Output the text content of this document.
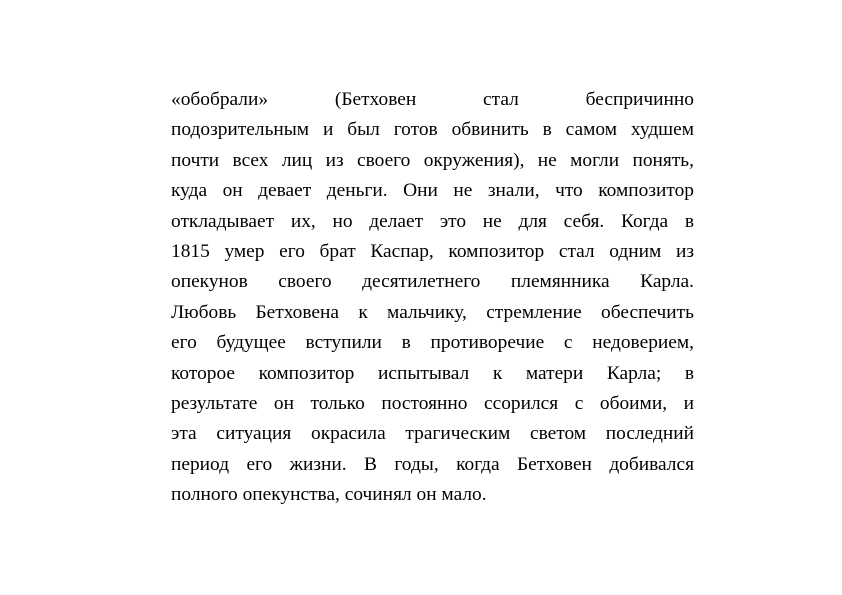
«обобрали» (Бетховен стал беспричинно
подозрительным и был готов обвинить в самом худшем
почти всех лиц из своего окружения), не могли понять,
куда он девает деньги. Они не знали, что композитор
откладывает их, но делает это не для себя. Когда в
1815 умер его брат Каспар, композитор стал одним из
опекунов своего десятилетнего племянника Карла.
Любовь Бетховена к мальчику, стремление обеспечить
его будущее вступили в противоречие с недоверием,
которое композитор испытывал к матери Карла; в
результате он только постоянно ссорился с обоими, и
эта ситуация окрасила трагическим светом последний
период его жизни. В годы, когда Бетховен добивался
полного опекунства, сочинял он мало.
